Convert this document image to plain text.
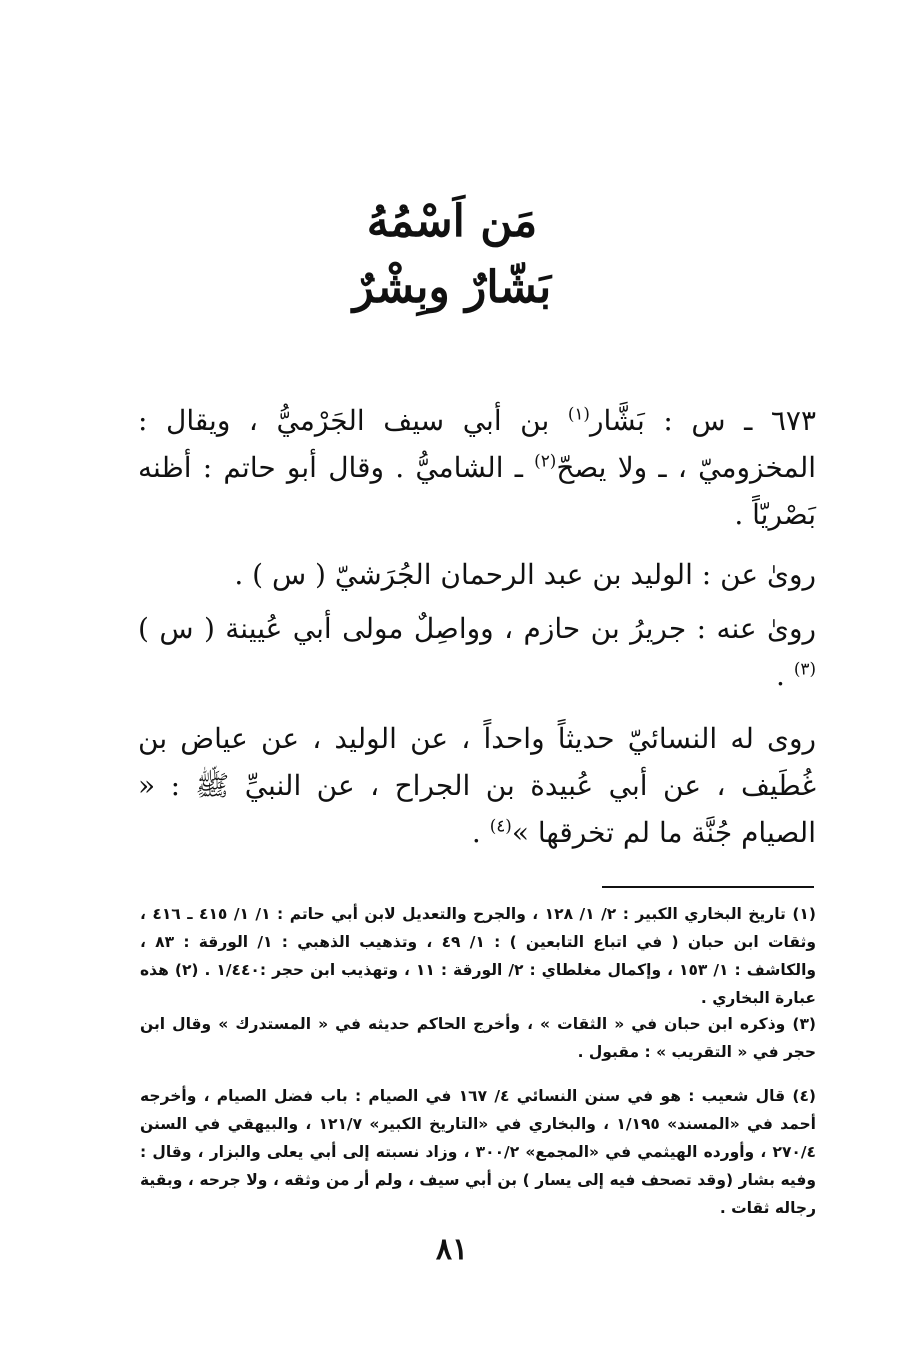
مَن اَسْمُهُ
بَشّارٌ وبِشْرٌ

٦٧٣ ـ س : بَشَّار$^{(١)}$ بن أبي سيف الجَرْميُّ ، ويقال : المخزوميّ ، ـ ولا يصحّ$^{(٢)}$ ـ الشاميُّ . وقال أبو حاتم : أظنه بَصْريّاً .

رویٰ عن : الوليد بن عبد الرحمان الجُرَشيّ ( س ) .

رویٰ عنه : جريرُ بن حازم ، وواصِلٌ مولى أبي عُيينة ( س )$^{(٣)}$ .

روى له النسائيّ حديثاً واحداً ، عن الوليد ، عن عياض بن غُطَيف ، عن أبي عُبيدة بن الجراح ، عن النبيِّ ﷺ : « الصيام جُنَّة ما لم تخرقها »$^{(٤)}$ .

(١) تاريخ البخاري الكبير : ٢/ ١/ ١٢٨ ، والجرح والتعديل لابن أبي حاتم : ١/ ١/ ٤١٥ ـ ٤١٦ ، وثقات ابن حبان ( في اتباع التابعين ) : ١/ ٤٩ ، وتذهيب الذهبي : ١/ الورقة : ٨٣ ، والكاشف : ١/ ١٥٣ ، وإكمال مغلطاي : ٢/ الورقة : ١١ ، وتهذيب ابن حجر :١/٤٤٠ . (٢) هذه عبارة البخاري .

(٣) وذكره ابن حبان في « الثقات » ، وأخرج الحاكم حديثه في « المستدرك » وقال ابن حجر في « التقريب » : مقبول .

(٤) قال شعيب : هو في سنن النسائي ٤/ ١٦٧ في الصيام : باب فضل الصيام ، وأخرجه أحمد في «المسند» ١/١٩٥ ، والبخاري في «التاريخ الكبير» ١٢١/٧ ، والبيهقي في السنن ٢٧٠/٤ ، وأورده الهيثمي في «المجمع» ٣٠٠/٢ ، وزاد نسبته إلى أبي يعلى والبزار ، وقال : وفيه بشار (وقد تصحف فيه إلى يسار ) بن أبي سيف ، ولم أر من وثقه ، ولا جرحه ، وبقية رجاله ثقات .

٨١
